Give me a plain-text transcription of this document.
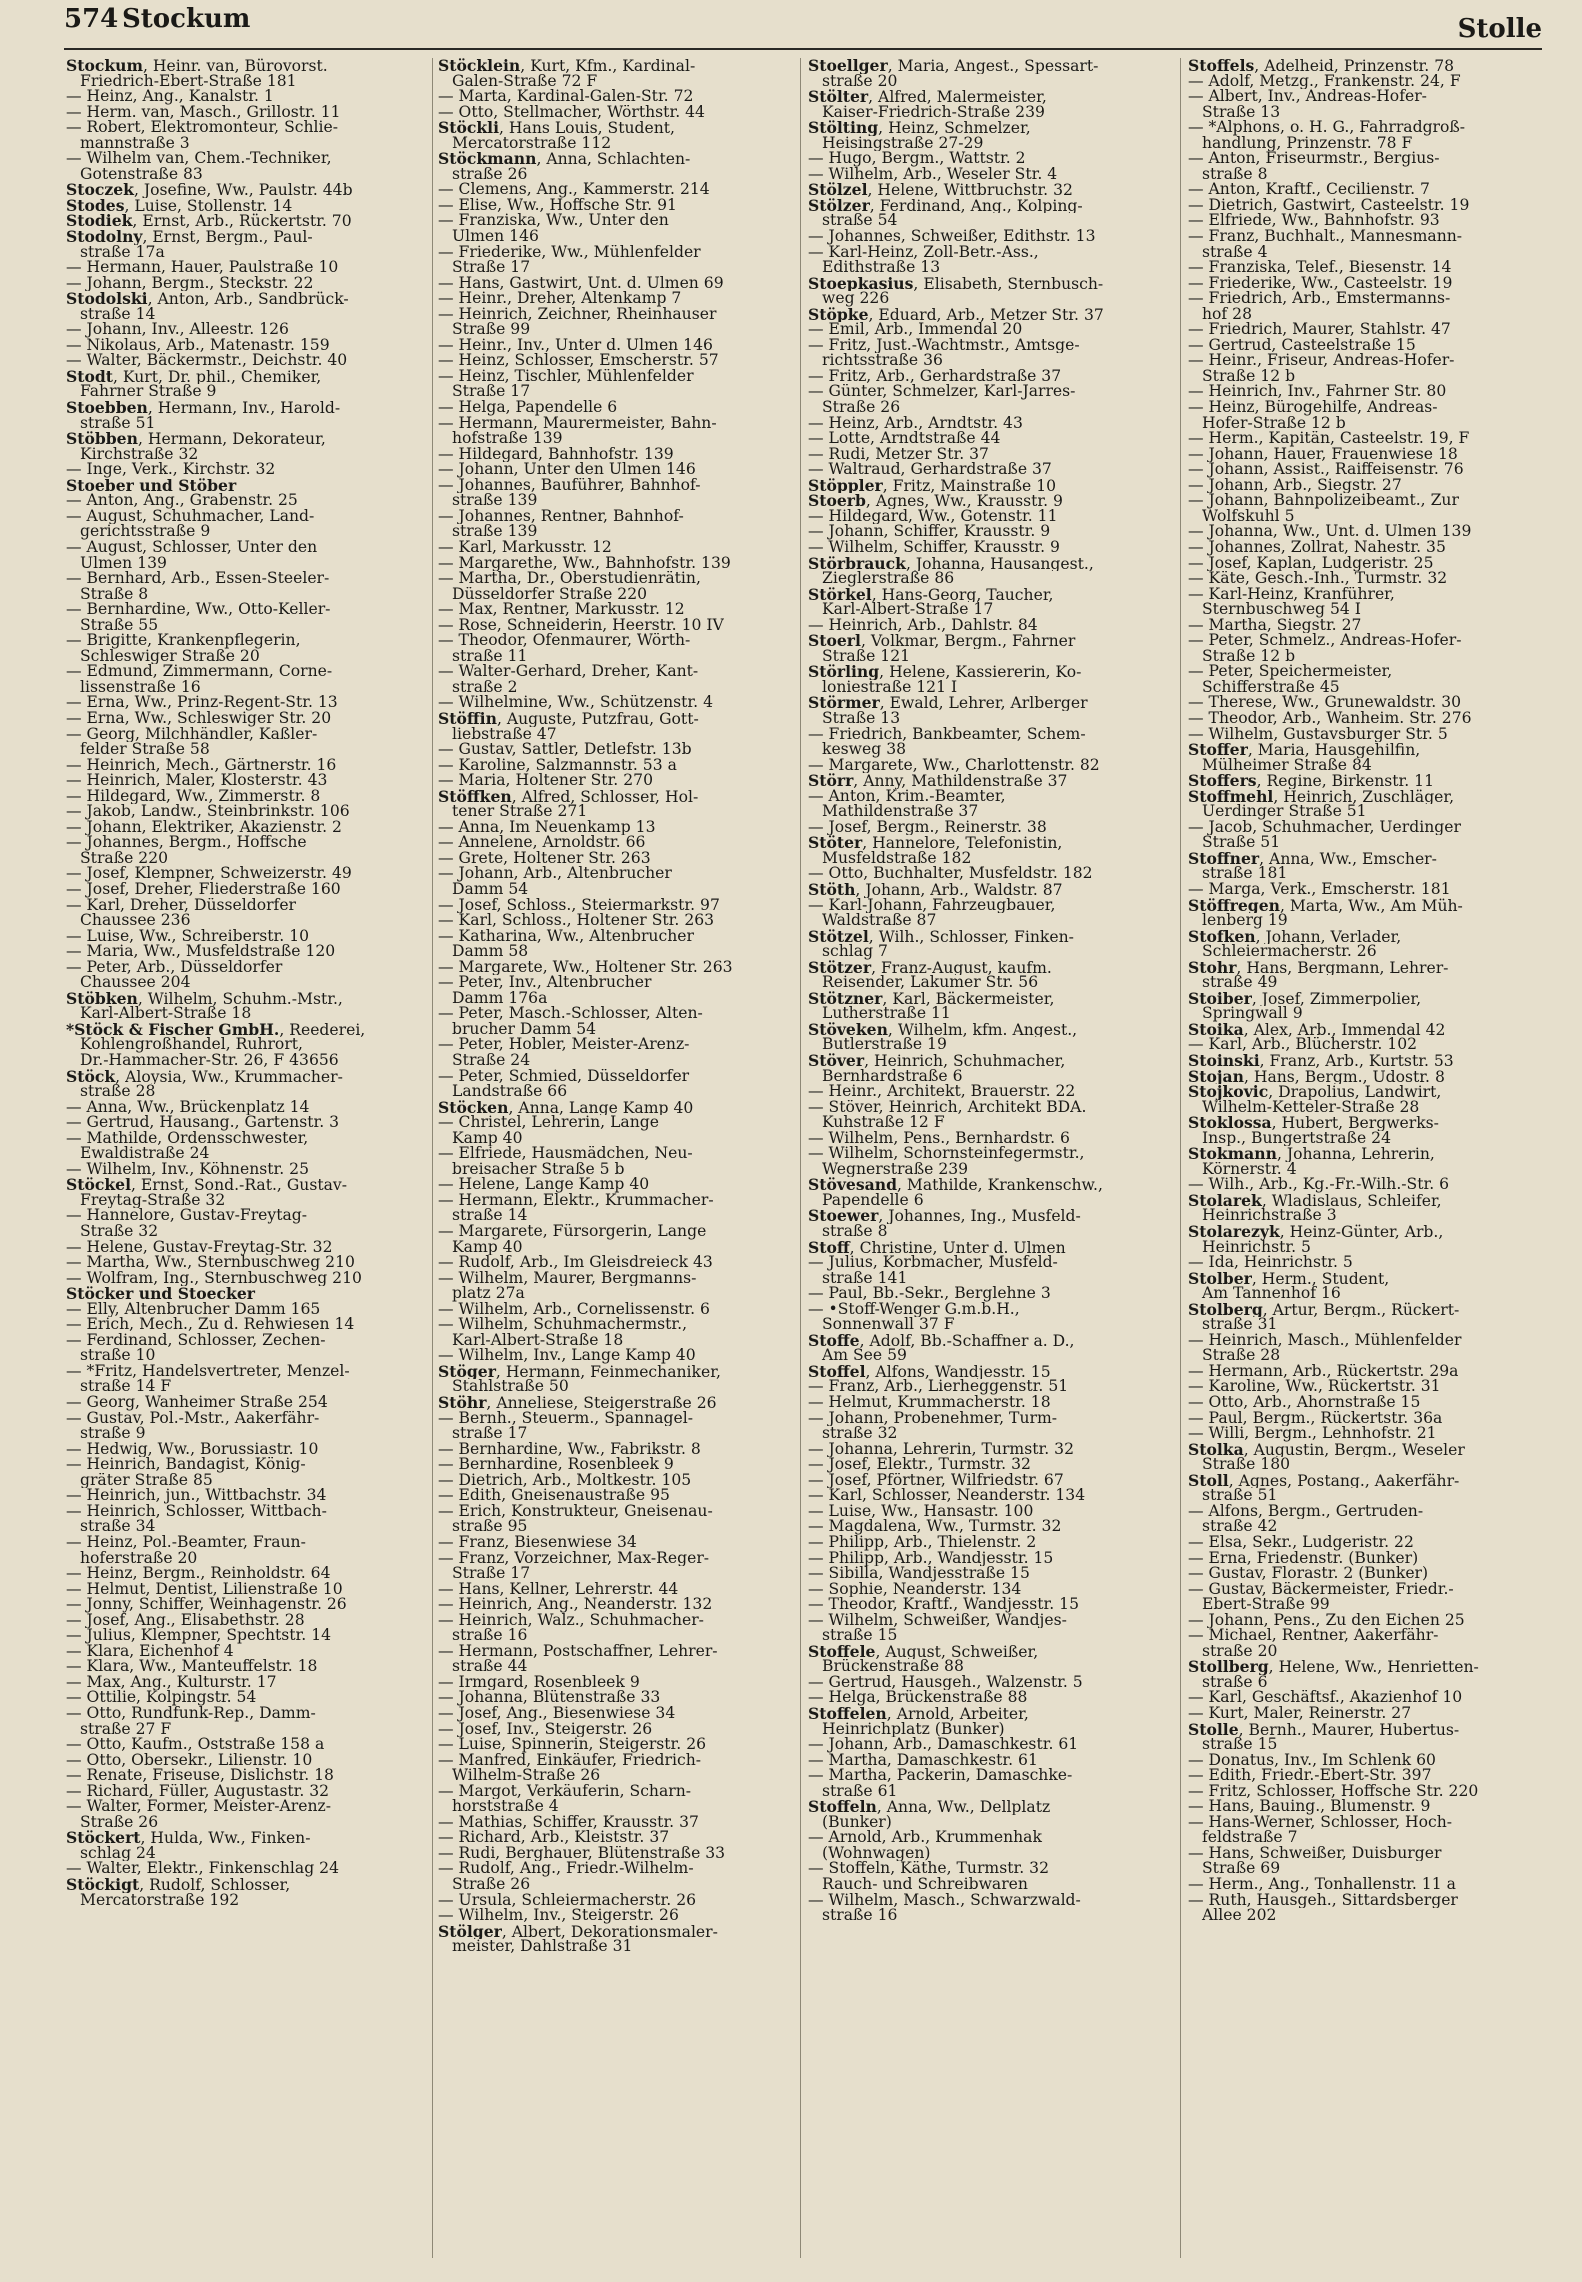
574 Stockum	Stolle
Stockum, Heinr. van, Bürovorst.
Friedrich-Ebert-Straße 181
— Heinz, Ang., Kanalstr. 1
— Herm. van, Masch., Grillostr. 11
— Robert, Elektromonteur, Schlie-
mannstraße 3
— Wilhelm van, Chem.-Techniker,
Gotenstraße 83
Stoczek, Josefine, Ww., Paulstr. 44b
Stodes, Luise, Stollenstr. 14
Stodiek, Ernst, Arb., Rückertstr. 70
Stodolny, Ernst, Bergm., Paul-
straße 17a
— Hermann, Hauer, Paulstraße 10
— Johann, Bergm., Steckstr. 22
Stodolski, Anton, Arb., Sandbrück-
straße 14
— Johann, Inv., Alleestr. 126
— Nikolaus, Arb., Matenastr. 159
— Walter, Bäckermstr., Deichstr. 40
Stodt, Kurt, Dr. phil., Chemiker,
Fahrner Straße 9
Stoebben, Hermann, Inv., Harold-
straße 51
Stöbben, Hermann, Dekorateur,
Kirchstraße 32
— Inge, Verk., Kirchstr. 32
Stoeber und Stöber
— Anton, Ang., Grabenstr. 25
— August, Schuhmacher, Land-
gerichtsstraße 9
— August, Schlosser, Unter den
Ulmen 139
— Bernhard, Arb., Essen-Steeler-
Straße 8
— Bernhardine, Ww., Otto-Keller-
Straße 55
— Brigitte, Krankenpflegerin,
Schleswiger Straße 20
— Edmund, Zimmermann, Corne-
lissenstraße 16
— Erna, Ww., Prinz-Regent-Str. 13
— Erna, Ww., Schleswiger Str. 20
— Georg, Milchhändler, Kaßler-
felder Straße 58
— Heinrich, Mech., Gärtnerstr. 16
— Heinrich, Maler, Klosterstr. 43
— Hildegard, Ww., Zimmerstr. 8
— Jakob, Landw., Steinbrinkstr. 106
— Johann, Elektriker, Akazienstr. 2
— Johannes, Bergm., Hoffsche
Straße 220
— Josef, Klempner, Schweizerstr. 49
— Josef, Dreher, Fliederstraße 160
— Karl, Dreher, Düsseldorfer
Chaussee 236
— Luise, Ww., Schreiberstr. 10
— Maria, Ww., Musfeldstraße 120
— Peter, Arb., Düsseldorfer
Chaussee 204
Stöbken, Wilhelm, Schuhm.-Mstr.,
Karl-Albert-Straße 18
*Stöck & Fischer GmbH., Reederei,
Kohlengroßhandel, Ruhrort,
Dr.-Hammacher-Str. 26, F 43656
Stöck, Aloysia, Ww., Krummacher-
straße 28
— Anna, Ww., Brückenplatz 14
— Gertrud, Hausang., Gartenstr. 3
— Mathilde, Ordensschwester,
Ewaldistraße 24
— Wilhelm, Inv., Köhnenstr. 25
Stöckel, Ernst, Sond.-Rat., Gustav-
Freytag-Straße 32
— Hannelore, Gustav-Freytag-
Straße 32
— Helene, Gustav-Freytag-Str. 32
— Martha, Ww., Sternbuschweg 210
— Wolfram, Ing., Sternbuschweg 210
Stöcker und Stoecker
— Elly, Altenbrucher Damm 165
— Erich, Mech., Zu d. Rehwiesen 14
— Ferdinand, Schlosser, Zechen-
straße 10
— *Fritz, Handelsvertreter, Menzel-
straße 14 F
— Georg, Wanheimer Straße 254
— Gustav, Pol.-Mstr., Aakerfähr-
straße 9
— Hedwig, Ww., Borussiastr. 10
— Heinrich, Bandagist, König-
gräter Straße 85
— Heinrich, jun., Wittbachstr. 34
— Heinrich, Schlosser, Wittbach-
straße 34
— Heinz, Pol.-Beamter, Fraun-
hoferstraße 20
— Heinz, Bergm., Reinholdstr. 64
— Helmut, Dentist, Lilienstraße 10
— Jonny, Schiffer, Weinhagenstr. 26
— Josef, Ang., Elisabethstr. 28
— Julius, Klempner, Spechtstr. 14
— Klara, Eichenhof 4
— Klara, Ww., Manteuffelstr. 18
— Max, Ang., Kulturstr. 17
— Ottilie, Kolpingstr. 54
— Otto, Rundfunk-Rep., Damm-
straße 27 F
— Otto, Kaufm., Oststraße 158 a
— Otto, Obersekr., Lilienstr. 10
— Renate, Friseuse, Dislichstr. 18
— Richard, Füller, Augustastr. 32
— Walter, Former, Meister-Arenz-
Straße 26
Stöckert, Hulda, Ww., Finken-
schlag 24
— Walter, Elektr., Finkenschlag 24
Stöckigt, Rudolf, Schlosser,
Mercatorstraße 192
Stöcklein, Kurt, Kfm., Kardinal-
Galen-Straße 72 F
— Marta, Kardinal-Galen-Str. 72
— Otto, Stellmacher, Wörthstr. 44
Stöckli, Hans Louis, Student,
Mercatorstraße 112
Stöckmann, Anna, Schlachten-
straße 26
— Clemens, Ang., Kammerstr. 214
— Elise, Ww., Hoffsche Str. 91
— Franziska, Ww., Unter den
Ulmen 146
— Friederike, Ww., Mühlenfelder
Straße 17
— Hans, Gastwirt, Unt. d. Ulmen 69
— Heinr., Dreher, Altenkamp 7
— Heinrich, Zeichner, Rheinhauser
Straße 99
— Heinr., Inv., Unter d. Ulmen 146
— Heinz, Schlosser, Emscherstr. 57
— Heinz, Tischler, Mühlenfelder
Straße 17
— Helga, Papendelle 6
— Hermann, Maurermeister, Bahn-
hofstraße 139
— Hildegard, Bahnhofstr. 139
— Johann, Unter den Ulmen 146
— Johannes, Bauführer, Bahnhof-
straße 139
— Johannes, Rentner, Bahnhof-
straße 139
— Karl, Markusstr. 12
— Margarethe, Ww., Bahnhofstr. 139
— Martha, Dr., Oberstudienrätin,
Düsseldorfer Straße 220
— Max, Rentner, Markusstr. 12
— Rose, Schneiderin, Heerstr. 10 IV
— Theodor, Ofenmaurer, Wörth-
straße 11
— Walter-Gerhard, Dreher, Kant-
straße 2
— Wilhelmine, Ww., Schützenstr. 4
Stöffin, Auguste, Putzfrau, Gott-
liebstraße 47
— Gustav, Sattler, Detlefstr. 13b
— Karoline, Salzmannstr. 53 a
— Maria, Holtener Str. 270
Stöffken, Alfred, Schlosser, Hol-
tener Straße 271
— Anna, Im Neuenkamp 13
— Annelene, Arnoldstr. 66
— Grete, Holtener Str. 263
— Johann, Arb., Altenbrucher
Damm 54
— Josef, Schloss., Steiermarkstr. 97
— Karl, Schloss., Holtener Str. 263
— Katharina, Ww., Altenbrucher
Damm 58
— Margarete, Ww., Holtener Str. 263
— Peter, Inv., Altenbrucher
Damm 176a
— Peter, Masch.-Schlosser, Alten-
brucher Damm 54
— Peter, Hobler, Meister-Arenz-
Straße 24
— Peter, Schmied, Düsseldorfer
Landstraße 66
Stöcken, Anna, Lange Kamp 40
— Christel, Lehrerin, Lange
Kamp 40
— Elfriede, Hausmädchen, Neu-
breisacher Straße 5 b
— Helene, Lange Kamp 40
— Hermann, Elektr., Krummacher-
straße 14
— Margarete, Fürsorgerin, Lange
Kamp 40
— Rudolf, Arb., Im Gleisdreieck 43
— Wilhelm, Maurer, Bergmanns-
platz 27a
— Wilhelm, Arb., Cornelissenstr. 6
— Wilhelm, Schuhmachermstr.,
Karl-Albert-Straße 18
— Wilhelm, Inv., Lange Kamp 40
Stöger, Hermann, Feinmechaniker,
Stahlstraße 50
Stöhr, Anneliese, Steigerstraße 26
— Bernh., Steuerm., Spannagel-
straße 17
— Bernhardine, Ww., Fabrikstr. 8
— Bernhardine, Rosenbleek 9
— Dietrich, Arb., Moltkestr. 105
— Edith, Gneisenaustraße 95
— Erich, Konstrukteur, Gneisenau-
straße 95
— Franz, Biesenwiese 34
— Franz, Vorzeichner, Max-Reger-
Straße 17
— Hans, Kellner, Lehrerstr. 44
— Heinrich, Ang., Neanderstr. 132
— Heinrich, Walz., Schuhmacher-
straße 16
— Hermann, Postschaffner, Lehrer-
straße 44
— Irmgard, Rosenbleek 9
— Johanna, Blütenstraße 33
— Josef, Ang., Biesenwiese 34
— Josef, Inv., Steigerstr. 26
— Luise, Spinnerin, Steigerstr. 26
— Manfred, Einkäufer, Friedrich-
Wilhelm-Straße 26
— Margot, Verkäuferin, Scharn-
horststraße 4
— Mathias, Schiffer, Krausstr. 37
— Richard, Arb., Kleiststr. 37
— Rudi, Berghauer, Blütenstraße 33
— Rudolf, Ang., Friedr.-Wilhelm-
Straße 26
— Ursula, Schleiermacherstr. 26
— Wilhelm, Inv., Steigerstr. 26
Stölger, Albert, Dekorationsmaler-
meister, Dahlstraße 31
Stoellger, Maria, Angest., Spessart-
straße 20
Stölter, Alfred, Malermeister,
Kaiser-Friedrich-Straße 239
Stölting, Heinz, Schmelzer,
Heisingstraße 27-29
— Hugo, Bergm., Wattstr. 2
— Wilhelm, Arb., Weseler Str. 4
Stölzel, Helene, Wittbruchstr. 32
Stölzer, Ferdinand, Ang., Kolping-
straße 54
— Johannes, Schweißer, Edithstr. 13
— Karl-Heinz, Zoll-Betr.-Ass.,
Edithstraße 13
Stoepkasius, Elisabeth, Sternbusch-
weg 226
Stöpke, Eduard, Arb., Metzer Str. 37
— Emil, Arb., Immendal 20
— Fritz, Just.-Wachtmstr., Amtsge-
richtsstraße 36
— Fritz, Arb., Gerhardstraße 37
— Günter, Schmelzer, Karl-Jarres-
Straße 26
— Heinz, Arb., Arndtstr. 43
— Lotte, Arndtstraße 44
— Rudi, Metzer Str. 37
— Waltraud, Gerhardstraße 37
Stöppler, Fritz, Mainstraße 10
Stoerb, Agnes, Ww., Krausstr. 9
— Hildegard, Ww., Gotenstr. 11
— Johann, Schiffer, Krausstr. 9
— Wilhelm, Schiffer, Krausstr. 9
Störbrauck, Johanna, Hausangest.,
Zieglerstraße 86
Störkel, Hans-Georg, Taucher,
Karl-Albert-Straße 17
— Heinrich, Arb., Dahlstr. 84
Stoerl, Volkmar, Bergm., Fahrner
Straße 121
Störling, Helene, Kassiererin, Ko-
loniestraße 121 I
Störmer, Ewald, Lehrer, Arlberger
Straße 13
— Friedrich, Bankbeamter, Schem-
kesweg 38
— Margarete, Ww., Charlottenstr. 82
Störr, Anny, Mathildenstraße 37
— Anton, Krim.-Beamter,
Mathildenstraße 37
— Josef, Bergm., Reinerstr. 38
Stöter, Hannelore, Telefonistin,
Musfeldstraße 182
— Otto, Buchhalter, Musfeldstr. 182
Stöth, Johann, Arb., Waldstr. 87
— Karl-Johann, Fahrzeugbauer,
Waldstraße 87
Stötzel, Wilh., Schlosser, Finken-
schlag 7
Stötzer, Franz-August, kaufm.
Reisender, Lakumer Str. 56
Stötzner, Karl, Bäckermeister,
Lutherstraße 11
Stöveken, Wilhelm, kfm. Angest.,
Butlerstraße 19
Stöver, Heinrich, Schuhmacher,
Bernhardstraße 6
— Heinr., Architekt, Brauerstr. 22
— Stöver, Heinrich, Architekt BDA.
Kuhstraße 12 F
— Wilhelm, Pens., Bernhardstr. 6
— Wilhelm, Schornsteinfegermstr.,
Wegnerstraße 239
Stövesand, Mathilde, Krankenschw.,
Papendelle 6
Stoewer, Johannes, Ing., Musfeld-
straße 8
Stoff, Christine, Unter d. Ulmen
— Julius, Korbmacher, Musfeld-
straße 141
— Paul, Bb.-Sekr., Berglehne 3
— •Stoff-Wenger G.m.b.H.,
Sonnenwall 37 F
Stoffe, Adolf, Bb.-Schaffner a. D.,
Am See 59
Stoffel, Alfons, Wandjesstr. 15
— Franz, Arb., Lierheggenstr. 51
— Helmut, Krummacherstr. 18
— Johann, Probenehmer, Turm-
straße 32
— Johanna, Lehrerin, Turmstr. 32
— Josef, Elektr., Turmstr. 32
— Josef, Pförtner, Wilfriedstr. 67
— Karl, Schlosser, Neanderstr. 134
— Luise, Ww., Hansastr. 100
— Magdalena, Ww., Turmstr. 32
— Philipp, Arb., Thielenstr. 2
— Philipp, Arb., Wandjesstr. 15
— Sibilla, Wandjesstraße 15
— Sophie, Neanderstr. 134
— Theodor, Kraftf., Wandjesstr. 15
— Wilhelm, Schweißer, Wandjes-
straße 15
Stoffele, August, Schweißer,
Brückenstraße 88
— Gertrud, Hausgeh., Walzenstr. 5
— Helga, Brückenstraße 88
Stoffelen, Arnold, Arbeiter,
Heinrichplatz (Bunker)
— Johann, Arb., Damaschkestr. 61
— Martha, Damaschkestr. 61
— Martha, Packerin, Damaschke-
straße 61
Stoffeln, Anna, Ww., Dellplatz
(Bunker)
— Arnold, Arb., Krummenhak
(Wohnwagen)
— Stoffeln, Käthe, Turmstr. 32
Rauch- und Schreibwaren
— Wilhelm, Masch., Schwarzwald-
straße 16
Stoffels, Adelheid, Prinzenstr. 78
— Adolf, Metzg., Frankenstr. 24, F
— Albert, Inv., Andreas-Hofer-
Straße 13
— *Alphons, o. H. G., Fahrradgroß-
handlung, Prinzenstr. 78 F
— Anton, Friseurmstr., Bergius-
straße 8
— Anton, Kraftf., Cecilienstr. 7
— Dietrich, Gastwirt, Casteelstr. 19
— Elfriede, Ww., Bahnhofstr. 93
— Franz, Buchhalt., Mannesmann-
straße 4
— Franziska, Telef., Biesenstr. 14
— Friederike, Ww., Casteelstr. 19
— Friedrich, Arb., Emstermanns-
hof 28
— Friedrich, Maurer, Stahlstr. 47
— Gertrud, Casteelstraße 15
— Heinr., Friseur, Andreas-Hofer-
Straße 12 b
— Heinrich, Inv., Fahrner Str. 80
— Heinz, Bürogehilfe, Andreas-
Hofer-Straße 12 b
— Herm., Kapitän, Casteelstr. 19, F
— Johann, Hauer, Frauenwiese 18
— Johann, Assist., Raiffeisenstr. 76
— Johann, Arb., Siegstr. 27
— Johann, Bahnpolizeibeamt., Zur
Wolfskuhl 5
— Johanna, Ww., Unt. d. Ulmen 139
— Johannes, Zollrat, Nahestr. 35
— Josef, Kaplan, Ludgeristr. 25
— Käte, Gesch.-Inh., Turmstr. 32
— Karl-Heinz, Kranführer,
Sternbuschweg 54 I
— Martha, Siegstr. 27
— Peter, Schmelz., Andreas-Hofer-
Straße 12 b
— Peter, Speichermeister,
Schifferstraße 45
— Therese, Ww., Grunewaldstr. 30
— Theodor, Arb., Wanheim. Str. 276
— Wilhelm, Gustavsburger Str. 5
Stoffer, Maria, Hausgehilfin,
Mülheimer Straße 84
Stoffers, Regine, Birkenstr. 11
Stoffmehl, Heinrich, Zuschläger,
Uerdinger Straße 51
— Jacob, Schuhmacher, Uerdinger
Straße 51
Stoffner, Anna, Ww., Emscher-
straße 181
— Marga, Verk., Emscherstr. 181
Stöffregen, Marta, Ww., Am Müh-
lenberg 19
Stofken, Johann, Verlader,
Schleiermacherstr. 26
Stohr, Hans, Bergmann, Lehrer-
straße 49
Stoiber, Josef, Zimmerpolier,
Springwall 9
Stoika, Alex, Arb., Immendal 42
— Karl, Arb., Blücherstr. 102
Stoinski, Franz, Arb., Kurtstr. 53
Stojan, Hans, Bergm., Udostr. 8
Stojkovic, Drapolius, Landwirt,
Wilhelm-Ketteler-Straße 28
Stoklossa, Hubert, Bergwerks-
Insp., Bungertstraße 24
Stokmann, Johanna, Lehrerin,
Körnerstr. 4
— Wilh., Arb., Kg.-Fr.-Wilh.-Str. 6
Stolarek, Wladislaus, Schleifer,
Heinrichstraße 3
Stolarezyk, Heinz-Günter, Arb.,
Heinrichstr. 5
— Ida, Heinrichstr. 5
Stolber, Herm., Student,
Am Tannenhof 16
Stolberg, Artur, Bergm., Rückert-
straße 31
— Heinrich, Masch., Mühlenfelder
Straße 28
— Hermann, Arb., Rückertstr. 29a
— Karoline, Ww., Rückertstr. 31
— Otto, Arb., Ahornstraße 15
— Paul, Bergm., Rückertstr. 36a
— Willi, Bergm., Lehnhofstr. 21
Stolka, Augustin, Bergm., Weseler
Straße 180
Stoll, Agnes, Postang., Aakerfähr-
straße 51
— Alfons, Bergm., Gertruden-
straße 42
— Elsa, Sekr., Ludgeristr. 22
— Erna, Friedenstr. (Bunker)
— Gustav, Florastr. 2 (Bunker)
— Gustav, Bäckermeister, Friedr.-
Ebert-Straße 99
— Johann, Pens., Zu den Eichen 25
— Michael, Rentner, Aakerfähr-
straße 20
Stollberg, Helene, Ww., Henrietten-
straße 6
— Karl, Geschäftsf., Akazienhof 10
— Kurt, Maler, Reinerstr. 27
Stolle, Bernh., Maurer, Hubertus-
straße 15
— Donatus, Inv., Im Schlenk 60
— Edith, Friedr.-Ebert-Str. 397
— Fritz, Schlosser, Hoffsche Str. 220
— Hans, Bauing., Blumenstr. 9
— Hans-Werner, Schlosser, Hoch-
feldstraße 7
— Hans, Schweißer, Duisburger
Straße 69
— Herm., Ang., Tonhallenstr. 11 a
— Ruth, Hausgeh., Sittardsberger
Allee 202
